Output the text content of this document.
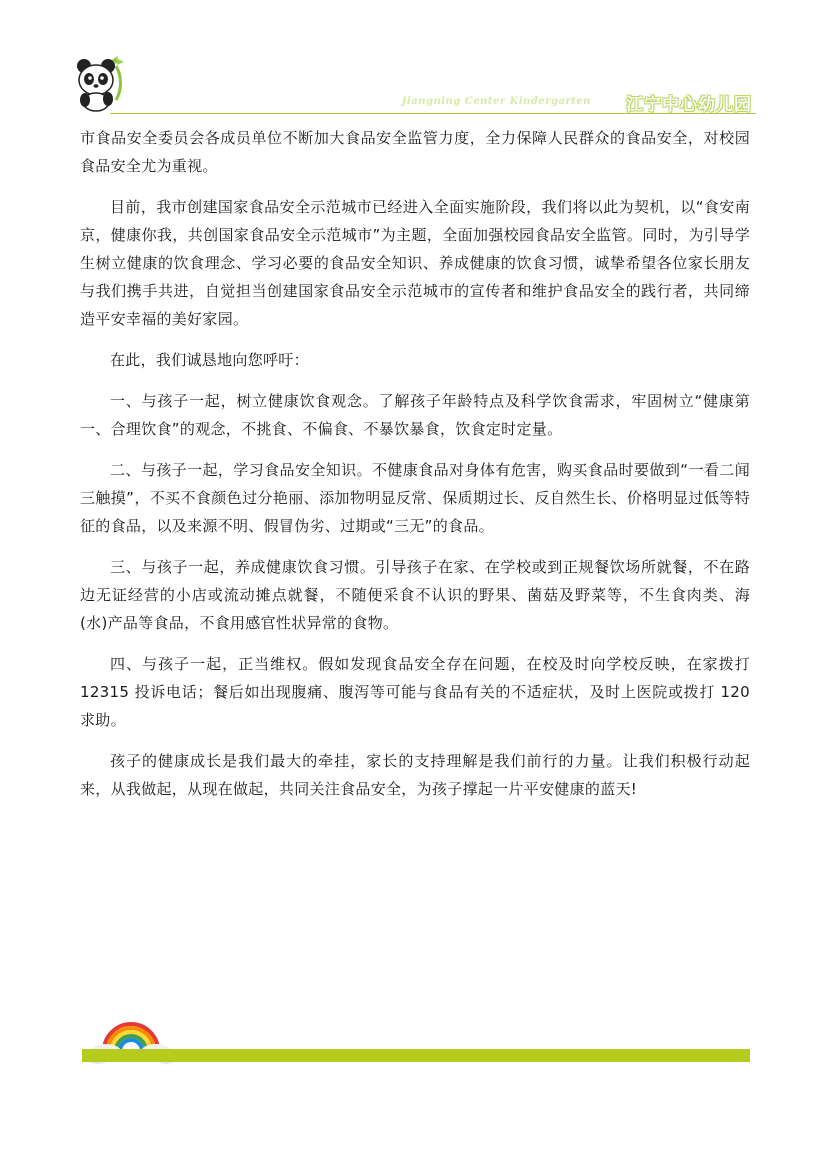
Jiangning Center Kindergarten 江宁中心幼儿园

市食品安全委员会各成员单位不断加大食品安全监管力度，全力保障人民群众的食品安全，对校园食品安全尤为重视。

目前，我市创建国家食品安全示范城市已经进入全面实施阶段，我们将以此为契机，以“食安南京，健康你我，共创国家食品安全示范城市”为主题，全面加强校园食品安全监管。同时，为引导学生树立健康的饮食理念、学习必要的食品安全知识、养成健康的饮食习惯，诚挚希望各位家长朋友与我们携手共进，自觉担当创建国家食品安全示范城市的宣传者和维护食品安全的践行者，共同缔造平安幸福的美好家园。

在此，我们诚恳地向您呼吁：

一、与孩子一起，树立健康饮食观念。了解孩子年龄特点及科学饮食需求，牢固树立“健康第一、合理饮食”的观念，不挑食、不偏食、不暴饮暴食，饮食定时定量。

二、与孩子一起，学习食品安全知识。不健康食品对身体有危害，购买食品时要做到“一看二闻三触摸”，不买不食颜色过分艳丽、添加物明显反常、保质期过长、反自然生长、价格明显过低等特征的食品，以及来源不明、假冒伪劣、过期或“三无”的食品。

三、与孩子一起，养成健康饮食习惯。引导孩子在家、在学校或到正规餐饮场所就餐，不在路边无证经营的小店或流动摊点就餐，不随便采食不认识的野果、菌菇及野菜等，不生食肉类、海(水)产品等食品，不食用感官性状异常的食物。

四、与孩子一起，正当维权。假如发现食品安全存在问题，在校及时向学校反映，在家拨打 12315 投诉电话；餐后如出现腹痛、腹泻等可能与食品有关的不适症状，及时上医院或拨打 120 求助。

孩子的健康成长是我们最大的牵挂，家长的支持理解是我们前行的力量。让我们积极行动起来，从我做起，从现在做起，共同关注食品安全，为孩子撑起一片平安健康的蓝天!
